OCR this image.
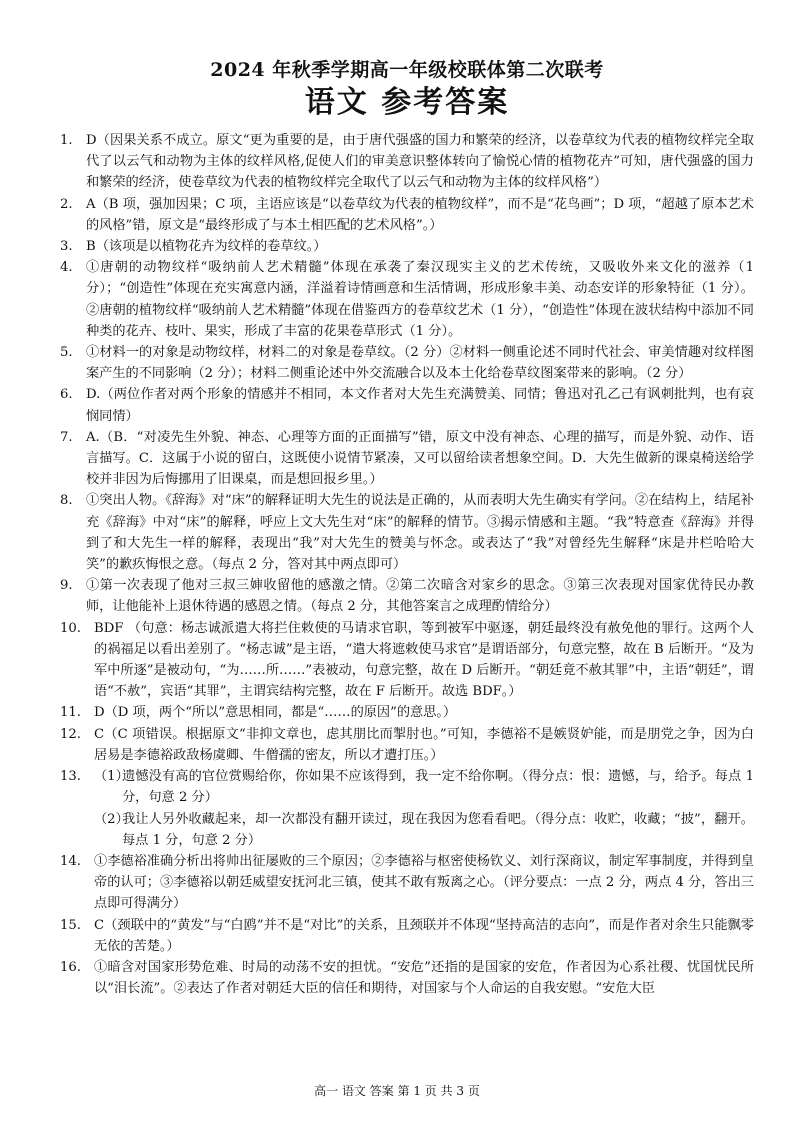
2024 年秋季学期高一年级校联体第二次联考
语文 参考答案
1.	D（因果关系不成立。原文“更为重要的是，由于唐代强盛的国力和繁荣的经济，以卷草纹为代表的植物纹样完全取代了以云气和动物为主体的纹样风格,促使人们的审美意识整体转向了愉悦心情的植物花卉”可知，唐代强盛的国力和繁荣的经济，使卷草纹为代表的植物纹样完全取代了以云气和动物为主体的纹样风格”）
2.	A（B 项，强加因果；C 项，主语应该是“以卷草纹为代表的植物纹样”，而不是“花鸟画”；D 项，“超越了原本艺术的风格”错，原文是“最终形成了与本土相匹配的艺术风格”。）
3.	B（该项是以植物花卉为纹样的卷草纹。）
4.	①唐朝的动物纹样“吸纳前人艺术精髓”体现在承袭了秦汉现实主义的艺术传统，又吸收外来文化的滋养（1 分）；“创造性”体现在充实寓意内涵，洋溢着诗情画意和生活情调，形成形象丰美、动态安详的形象特征（1 分）。②唐朝的植物纹样“吸纳前人艺术精髓”体现在借鉴西方的卷草纹艺术（1 分），“创造性”体现在波状结构中添加不同种类的花卉、枝叶、果实，形成了丰富的花果卷草形式（1 分）。
5.	①材料一的对象是动物纹样，材料二的对象是卷草纹。（2 分）②材料一侧重论述不同时代社会、审美情趣对纹样图案产生的不同影响（2 分）；材料二侧重论述中外交流融合以及本土化给卷草纹图案带来的影响。（2 分）
6.	D.（两位作者对两个形象的情感并不相同，本文作者对大先生充满赞美、同情；鲁迅对孔乙己有讽刺批判，也有哀悯同情）
7.	A.（B．“对凌先生外貌、神态、心理等方面的正面描写”错，原文中没有神态、心理的描写，而是外貌、动作、语言描写。C．这属于小说的留白，这既使小说情节紧凑，又可以留给读者想象空间。D．大先生做新的课桌椅送给学校并非因为后悔挪用了旧课桌，而是想回报乡里。）
8.	①突出人物。《辞海》对“床”的解释证明大先生的说法是正确的，从而表明大先生确实有学问。②在结构上，结尾补充《辞海》中对“床”的解释，呼应上文大先生对“床”的解释的情节。③揭示情感和主题。“我”特意查《辞海》并得到了和大先生一样的解释，表现出“我”对大先生的赞美与怀念。或表达了“我”对曾经先生解释“床是井栏哈哈大笑”的歉疚悔恨之意。（每点 2 分，答对其中两点即可）
9.	①第一次表现了他对三叔三婶收留他的感激之情。②第二次暗含对家乡的思念。③第三次表现对国家优待民办教师，让他能补上退休待遇的感恩之情。（每点 2 分，其他答案言之成理酌情给分）
10. BDF （句意：杨志诚派遣大将拦住敕使的马请求官职，等到被军中驱逐，朝廷最终没有赦免他的罪行。这两个人的祸福足以看出差别了。“杨志诚”是主语，“遣大将遮敕使马求官”是谓语部分，句意完整，故在 B 后断开。“及为军中所逐”是被动句，“为……所……”表被动，句意完整，故在 D 后断开。“朝廷竟不赦其罪”中，主语“朝廷”，谓语“不赦”，宾语“其罪”，主谓宾结构完整，故在 F 后断开。故选 BDF。）
11. D（D 项，两个“所以”意思相同，都是“……的原因”的意思。）
12. C（C 项错误。根据原文“非抑文章也，虑其朋比而掣肘也。”可知，李德裕不是嫉贤妒能，而是朋党之争，因为白居易是李德裕政敌杨虞卿、牛僧孺的密友，所以才遭打压。）
13. （1）
遗憾没有高的官位赏赐给你，你如果不应该得到，我一定不给你啊。（得分点：恨：遗憾，与，给予。每点 1 分，句意 2 分）
（2）
我让人另外收藏起来，却一次都没有翻开读过，现在我因为您看看吧。（得分点：收贮，收藏；“披”，翻开。每点 1 分，句意 2 分）
14. ①李德裕准确分析出将帅出征屡败的三个原因；②李德裕与枢密使杨钦义、刘行深商议，制定军事制度，并得到皇帝的认可；③李德裕以朝廷威望安抚河北三镇，使其不敢有叛离之心。（评分要点：一点 2 分，两点 4 分，答出三点即可得满分）
15. C（颈联中的“黄发”与“白鸥”并不是“对比”的关系，且颈联并不体现“坚持高洁的志向”，而是作者对余生只能飘零无依的苦楚。）
16. ①暗含对国家形势危难、时局的动荡不安的担忧。“安危”还指的是国家的安危，作者因为心系社稷、忧国忧民所以“泪长流”。②表达了作者对朝廷大臣的信任和期待，对国家与个人命运的自我安慰。“安危大臣
高一 语文 答案 第 1 页 共 3 页
